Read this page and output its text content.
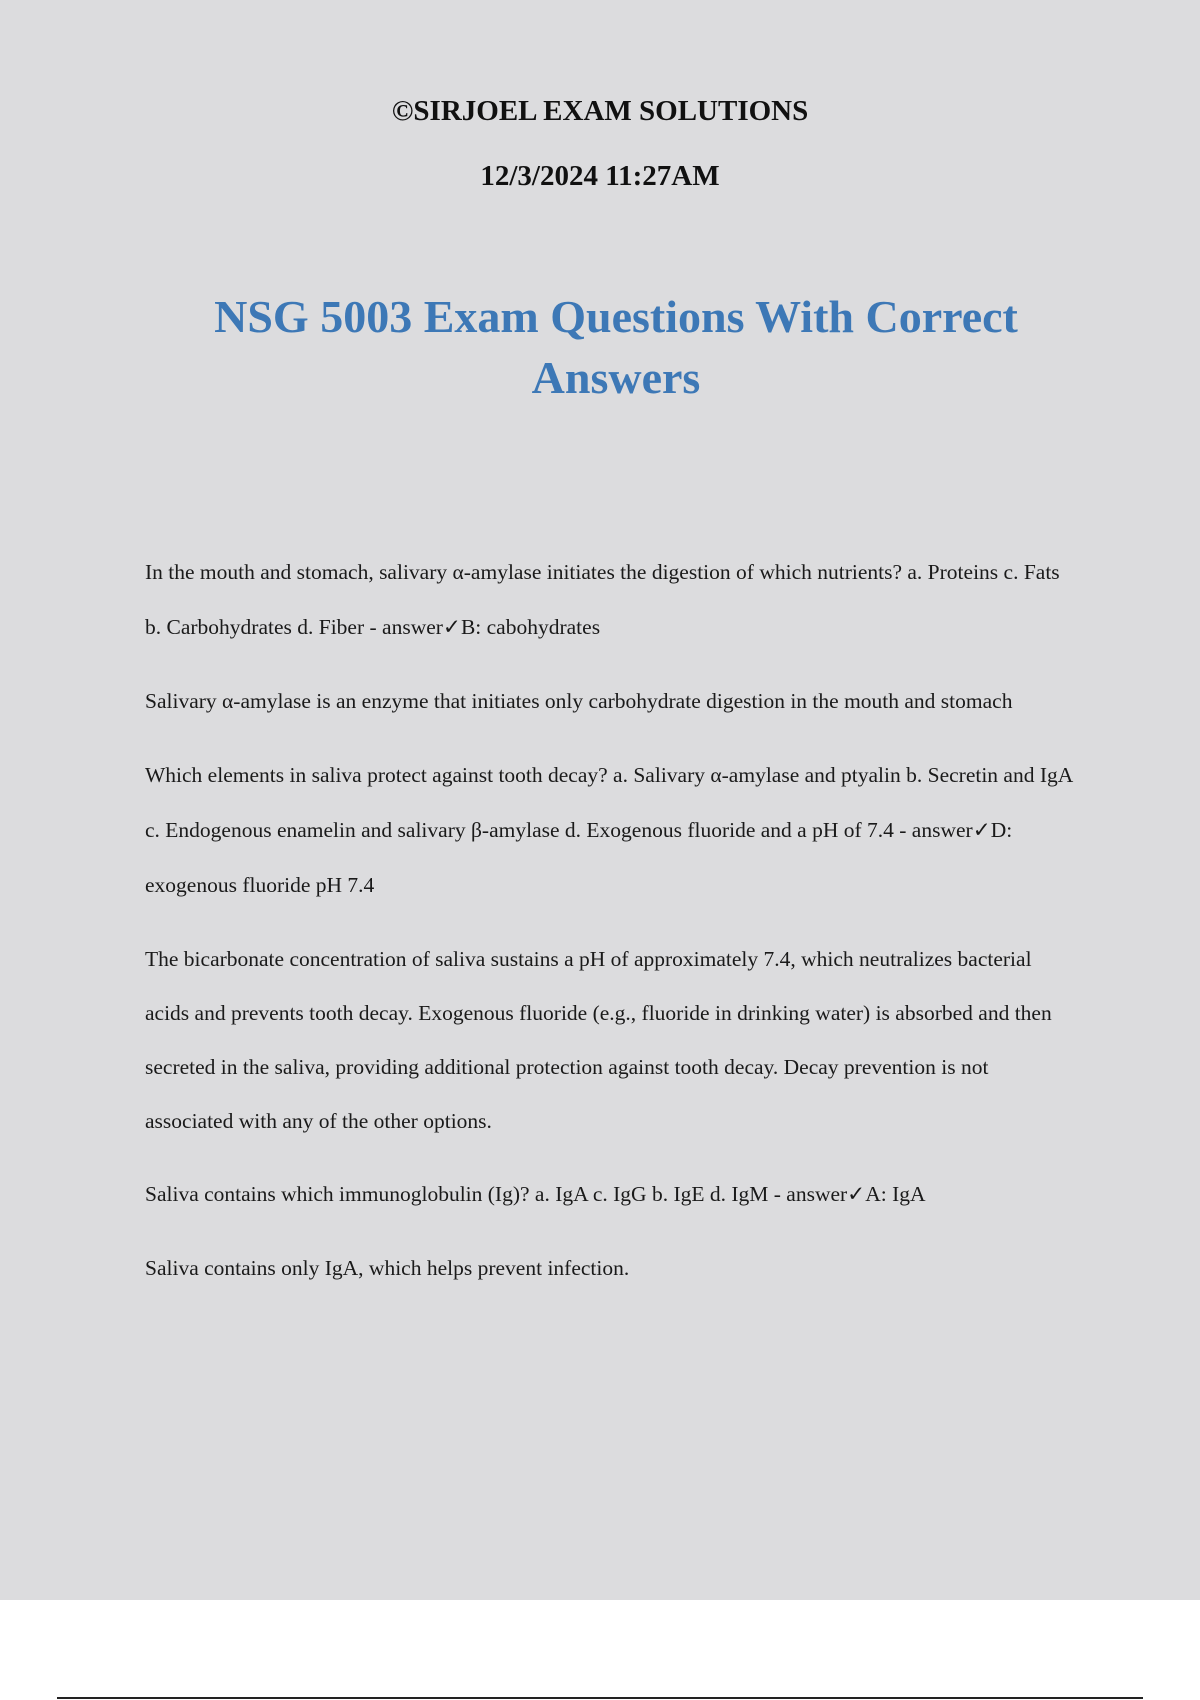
©SIRJOEL EXAM SOLUTIONS

12/3/2024 11:27AM

NSG 5003 Exam Questions With Correct Answers

In the mouth and stomach, salivary α-amylase initiates the digestion of which nutrients? a. Proteins c. Fats b. Carbohydrates d. Fiber - answer✓B: cabohydrates

Salivary α-amylase is an enzyme that initiates only carbohydrate digestion in the mouth and stomach

Which elements in saliva protect against tooth decay? a. Salivary α-amylase and ptyalin b. Secretin and IgA c. Endogenous enamelin and salivary β-amylase d. Exogenous fluoride and a pH of 7.4 - answer✓D: exogenous fluoride pH 7.4

The bicarbonate concentration of saliva sustains a pH of approximately 7.4, which neutralizes bacterial acids and prevents tooth decay. Exogenous fluoride (e.g., fluoride in drinking water) is absorbed and then secreted in the saliva, providing additional protection against tooth decay. Decay prevention is not associated with any of the other options.

Saliva contains which immunoglobulin (Ig)? a. IgA c. IgG b. IgE d. IgM - answer✓A: IgA

Saliva contains only IgA, which helps prevent infection.
